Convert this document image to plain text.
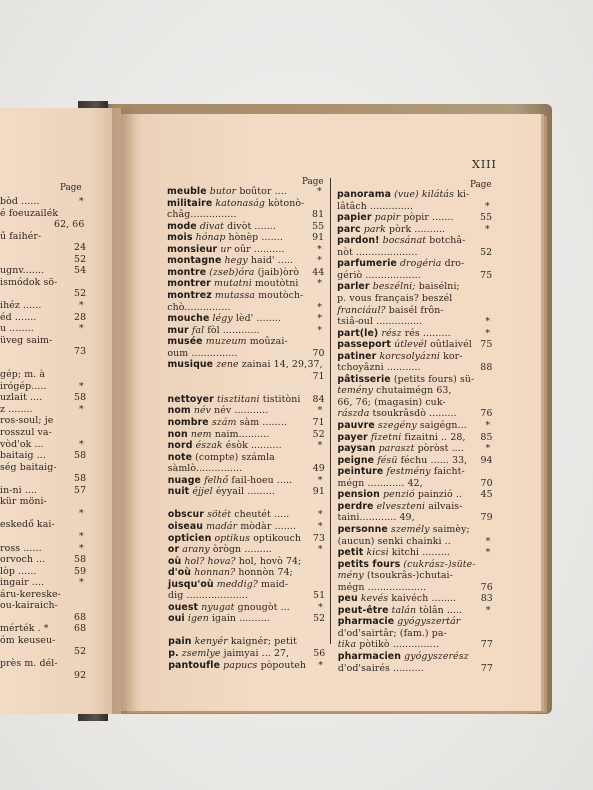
Page
bòd ......	*
é foeuzailék
62, 66
ű faihér-
24
52
ugnv.......	54
ismódok sö-
52
ihéz ......	*
éd .......	28
u ........	*
üveg saim-
73
gép; m. à
irógép.....	*
uzlait ....	58
z ........	*
ros-soul; je
rosszul va-
vòd'ok ...	*
baitaig ...	58
ség baitaig-
58
in-ni ....	57
kür möni-
*
eskedő kai-
*
ross ......	*
orvoch ...	58
lòp ......	59
ingair ....	*
áru-kereske-
ou-kairaich-
68
mérték . *	68
óm keuseu-
52
près m. dél-
92
XIII
Page	Page
meuble butor boûtor ....	*
militaire katonaság kòtonò-
châg...............	81
mode divat divòt .......	55
mois hónap hònèp .......	91
monsieur ur oûr ..........	*
montagne hegy haid' .....	*
montre (zseb)óra (jaib)òrò 44
montrer mutatni moutòtni *
montrez mutassa moutòch-
chò...............	*
mouche légy lèd' ........	*
mur fal fòl ............	*
musée muzeum moûzai-
oum ...............	70
musique zene zainai 14, 29, 37,
71
nettoyer tisztitani tistitòni 84
nom név név ...........	*
nombre szám sàm ........	71
non nem naim..........	52
nord észak ésòk ..........	*
note (compte) számla
sàmlò...............	49
nuage felhő fail-hoeu .....	*
nuit éjjel éyyail .........	91
obscur sötét cheutét .....	*
oiseau madár mòdàr ....... *
opticien optikus optikouch 73
or arany òrògn .........	*
où hol? hova? hol, hovò 74;
d'où honnan? honnòn 74;
jusqu'où meddig? maid-
dig ....................	51
ouest nyugat gnougòt ...	*
oui igen igain ..........	52
pain kenyér kaignér; petit
p. zsemlye jaimyai ... 27,	56
pantoufle papucs pòpouteh *
panorama (vue) kilátás ki-
lâtâch ..............	*
papier papir pòpir .......	55
parc park pòrk ..........	*
pardon! bocsánat botchâ-
nòt ....................	52
parfumerie drogéria dro-
gériò ..................	75
parler beszélni; baisélni;
p. vous français? beszél
franciául? baisél frôn-
tsiâ-oul ...............	*
part(le) rész rés .........	*
passeport útlevél oûtlaivél 75
patiner korcsolyázni kor-
tchoyâzni ...........	88
pâtisserie (petits fours) sü-
temény chutaimégn 63,
66, 76; (magasin) cuk-
rászda tsoukrâsdò .........	76
pauvre szegény saigégn... *
payer fizetni fizaitni .. 28, 85
paysan paraszt pòròst .... *
peigne fésü féchu ...... 33, 94
peinture festmény faicht-
mégn ............ 42,	70
pension penzió painzió .. 45
perdre elveszteni ailvais-
taini............ 49,	79
personne személy saimèy;
(aucun) senki chainki ..	*
petit kicsi kitchi .........	*
petits fours (cukrász-)süte-
mény (tsoukrâs-)chutai-
mégn ...................	76
peu kevés kaivéch ........	83
peut-être talán tòlân ..... *
pharmacie gyógyszertár
d'od'sairtâr; (fam.) pa-
tika pòtikò ...............	77
pharmacien gyógyszerész
d'od'sairés ..........	77
